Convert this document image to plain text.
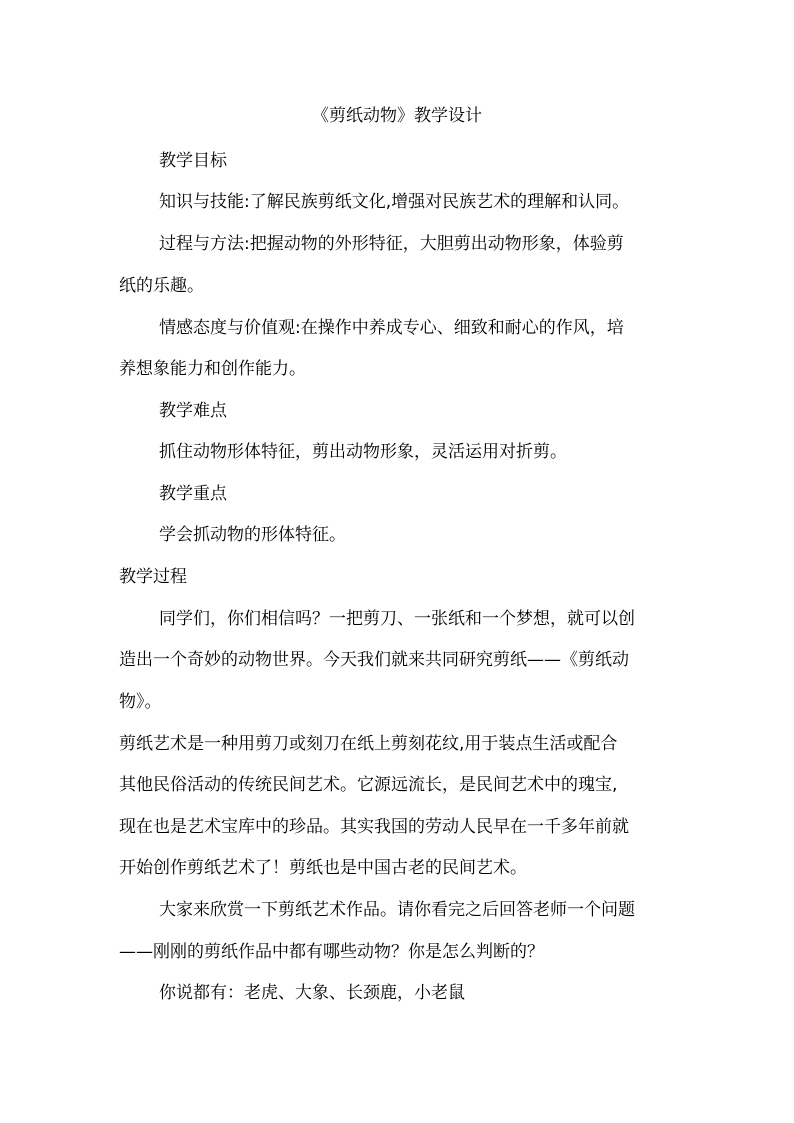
《剪纸动物》教学设计

教学目标

知识与技能:了解民族剪纸文化,增强对民族艺术的理解和认同。

过程与方法:把握动物的外形特征，大胆剪出动物形象，体验剪

纸的乐趣。

情感态度与价值观:在操作中养成专心、细致和耐心的作风，培

养想象能力和创作能力。

教学难点

抓住动物形体特征，剪出动物形象，灵活运用对折剪。

教学重点

学会抓动物的形体特征。

教学过程

同学们，你们相信吗？一把剪刀、一张纸和一个梦想，就可以创

造出一个奇妙的动物世界。今天我们就来共同研究剪纸——《剪纸动

物》。

剪纸艺术是一种用剪刀或刻刀在纸上剪刻花纹,用于装点生活或配合

其他民俗活动的传统民间艺术。它源远流长，是民间艺术中的瑰宝,

现在也是艺术宝库中的珍品。其实我国的劳动人民早在一千多年前就

开始创作剪纸艺术了！剪纸也是中国古老的民间艺术。

大家来欣赏一下剪纸艺术作品。请你看完之后回答老师一个问题

——刚刚的剪纸作品中都有哪些动物？你是怎么判断的？

你说都有：老虎、大象、长颈鹿，小老鼠
